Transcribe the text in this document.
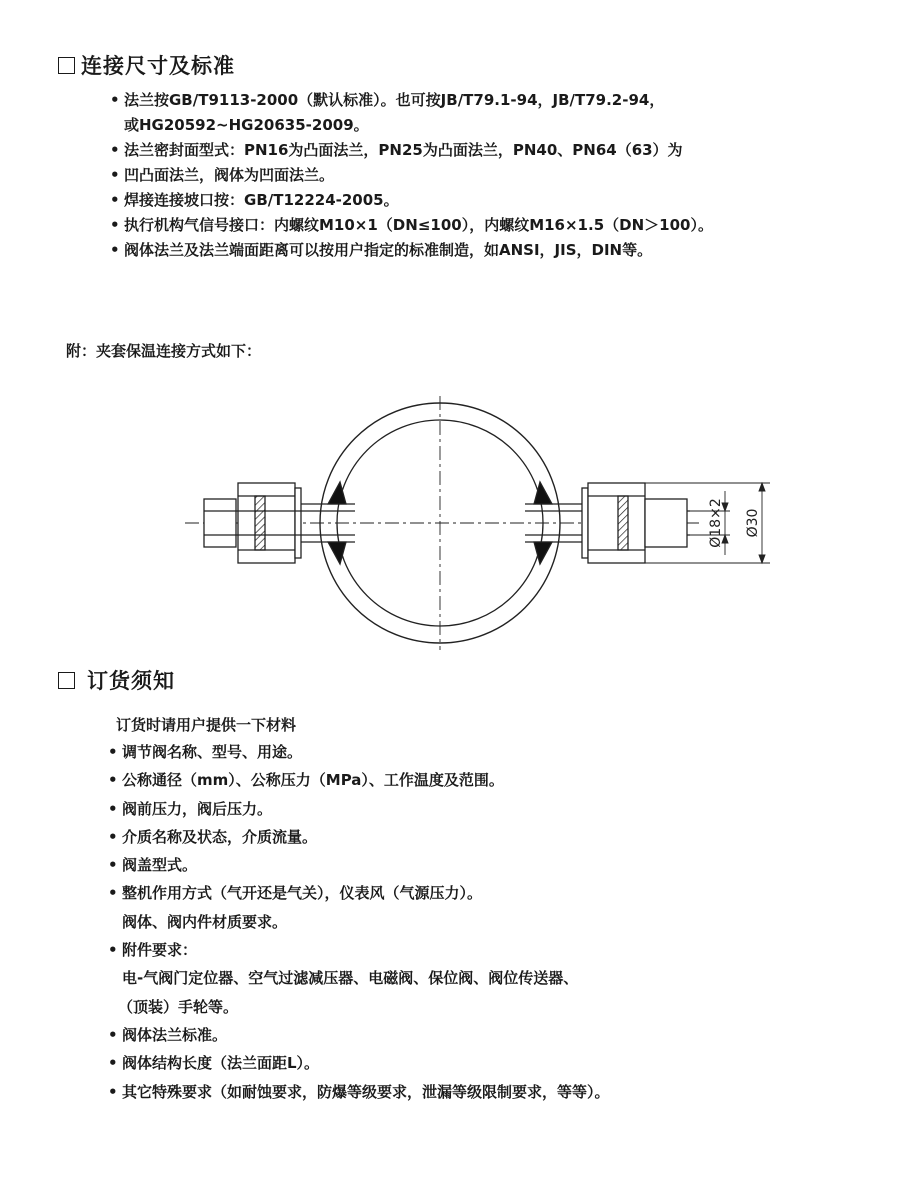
连接尺寸及标准
• 法兰按GB/T9113-2000（默认标准）。也可按JB/T79.1-94，JB/T79.2-94，
或HG20592~HG20635-2009。
• 法兰密封面型式：PN16为凸面法兰，PN25为凸面法兰，PN40、PN64（63）为
• 凹凸面法兰，阀体为凹面法兰。
• 焊接连接坡口按：GB/T12224-2005。
• 执行机构气信号接口：内螺纹M10×1（DN≤100），内螺纹M16×1.5（DN＞100）。
• 阀体法兰及法兰端面距离可以按用户指定的标准制造，如ANSI，JIS，DIN等。
附：夹套保温连接方式如下：
Ø18×2 Ø30
订货须知
订货时请用户提供一下材料
• 调节阀名称、型号、用途。
• 公称通径（mm）、公称压力（MPa）、工作温度及范围。
• 阀前压力，阀后压力。
• 介质名称及状态，介质流量。
• 阀盖型式。
• 整机作用方式（气开还是气关），仪表风（气源压力）。
阀体、阀内件材质要求。
• 附件要求：
电-气阀门定位器、空气过滤减压器、电磁阀、保位阀、阀位传送器、
（顶装）手轮等。
• 阀体法兰标准。
• 阀体结构长度（法兰面距L）。
• 其它特殊要求（如耐蚀要求，防爆等级要求，泄漏等级限制要求，等等）。
